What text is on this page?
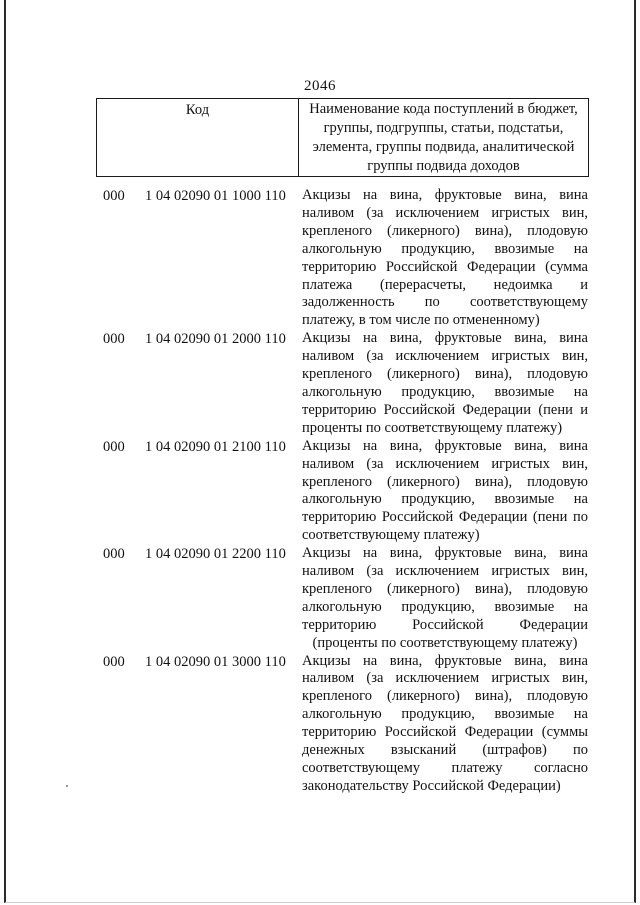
2046
Код	Наименование кода поступлений в бюджет,
группы, подгруппы, статьи, подстатьи,
элемента, группы подвида, аналитической
группы подвида доходов
000 1 04 02090 01 1000 110 Акцизы на вина, фруктовые вина, вина
наливом (за исключением игристых вин,
крепленого (ликерного) вина), плодовую
алкогольную продукцию, ввозимые на
территорию Российской Федерации (сумма
платежа (перерасчеты, недоимка и
задолженность по соответствующему
платежу, в том числе по отмененному)
000 1 04 02090 01 2000 110 Акцизы на вина, фруктовые вина, вина
наливом (за исключением игристых вин,
крепленого (ликерного) вина), плодовую
алкогольную продукцию, ввозимые на
территорию Российской Федерации (пени и
проценты по соответствующему платежу)
000 1 04 02090 01 2100 110 Акцизы на вина, фруктовые вина, вина
наливом (за исключением игристых вин,
крепленого (ликерного) вина), плодовую
алкогольную продукцию, ввозимые на
территорию Российской Федерации (пени по
соответствующему платежу)
000 1 04 02090 01 2200 110 Акцизы на вина, фруктовые вина, вина
наливом (за исключением игристых вин,
крепленого (ликерного) вина), плодовую
алкогольную продукцию, ввозимые на
территорию Российской Федерации
(проценты по соответствующему платежу)
000 1 04 02090 01 3000 110 Акцизы на вина, фруктовые вина, вина
наливом (за исключением игристых вин,
крепленого (ликерного) вина), плодовую
алкогольную продукцию, ввозимые на
территорию Российской Федерации (суммы
денежных взысканий (штрафов) по
соответствующему платежу согласно
законодательству Российской Федерации)
